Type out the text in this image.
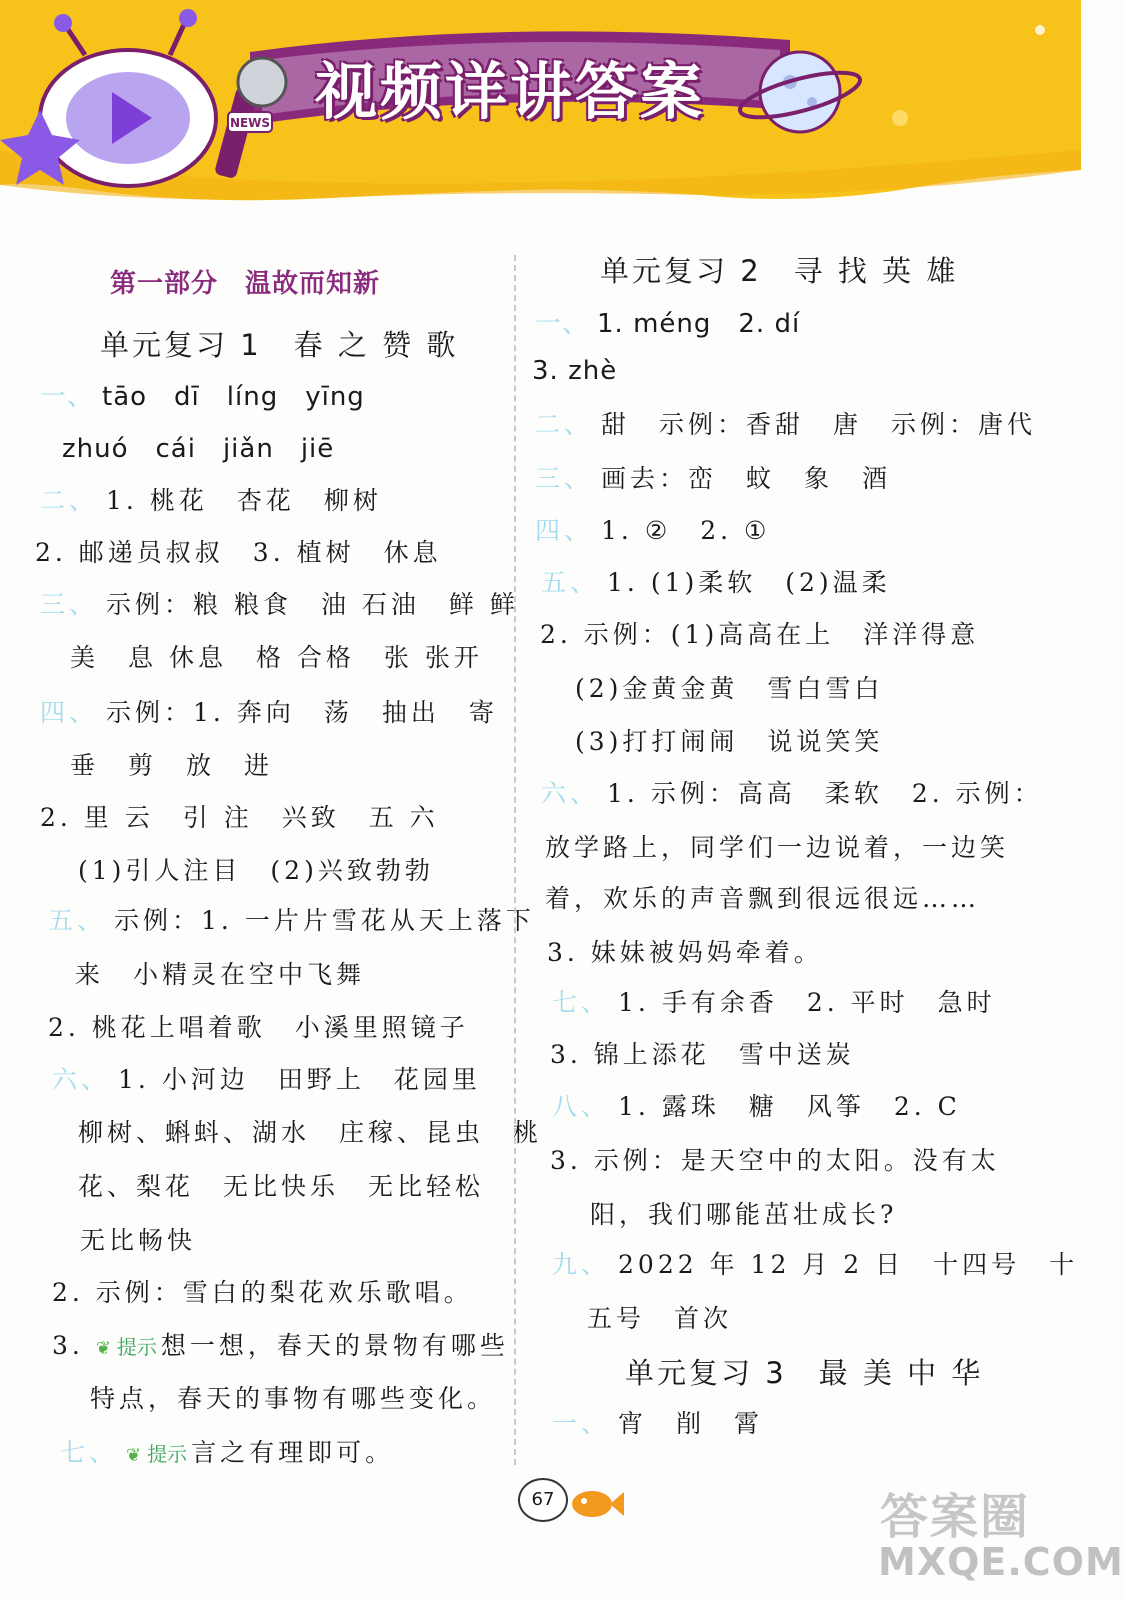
NEWS 视频详讲答案
第一部分　温故而知新
单元复习 1　春 之 赞 歌
一、 tāo　dī　líng　yīng
zhuó　cái　jiǎn　jiē
二、 1. 桃花　杏花　柳树
2. 邮递员叔叔　3. 植树　休息
三、 示例：粮 粮食　油 石油　鲜 鲜
美　息 休息　格 合格　张 张开
四、 示例：1. 奔向　荡　抽出　寄
垂　剪　放　进
2. 里 云　引 注　兴致　五 六
(1)引人注目　(2)兴致勃勃
五、 示例：1. 一片片雪花从天上落下
来　小精灵在空中飞舞
2. 桃花上唱着歌　小溪里照镜子
六、 1. 小河边　田野上　花园里
柳树、蝌蚪、湖水　庄稼、昆虫　桃
花、梨花　无比快乐　无比轻松
无比畅快
2. 示例：雪白的梨花欢乐歌唱。
3. ❦ 提示 想一想，春天的景物有哪些
特点，春天的事物有哪些变化。
七、 ❦ 提示 言之有理即可。
单元复习 2　寻 找 英 雄
一、 1. méng　2. dí
3. zhè
二、 甜　示例：香甜　唐　示例：唐代
三、 画去：峦　蚊　象　酒
四、 1. ②　2. ①
五、 1. (1)柔软　(2)温柔
2. 示例：(1)高高在上　洋洋得意
(2)金黄金黄　雪白雪白
(3)打打闹闹　说说笑笑
六、 1. 示例：高高　柔软　2. 示例：
放学路上，同学们一边说着，一边笑
着，欢乐的声音飘到很远很远……
3. 妹妹被妈妈牵着。
七、 1. 手有余香　2. 平时　急时
3. 锦上添花　雪中送炭
八、 1. 露珠　糖　风筝　2. C
3. 示例：是天空中的太阳。没有太
阳，我们哪能茁壮成长?
九、 2022 年 12 月 2 日　十四号　十
五号　首次
单元复习 3　最 美 中 华
一、 宵　削　霄
67	答案圈
MXQE.COM
